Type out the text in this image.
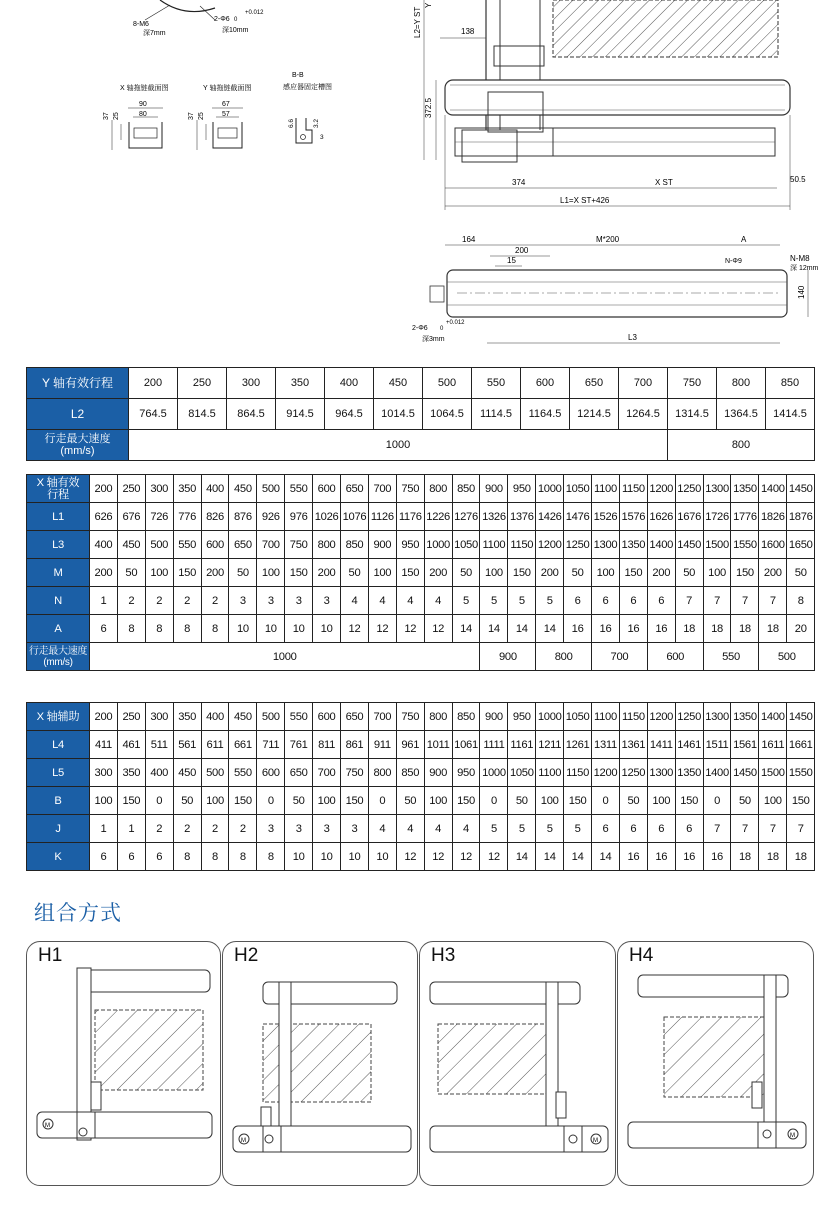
8-M6
深7mm
2-Φ6
+0.012
0
深10mm
X 轴拖链截面图
90
80
37 25
Y 轴拖链截面图
67
57
37 25
B-B
感应器固定槽图
6.6	3.2
3
L2=Y ST
Y
138
372.5
374	X ST	50.5
L1=X ST+426
164	M*200	A
200
15	N-Φ9	N-M8
深 12mm
140
2-Φ6
+0.012
0
深3mm	L3
Y 轴有效行程	200	250	300	350	400	450	500	550	600	650	700	750	800	850
L2	764.5	814.5	864.5	914.5	964.5	1014.5	1064.5	1114.5	1164.5	1214.5	1264.5	1314.5	1364.5	1414.5
行走最大速度
(mm/s)	1000											800		
X 轴有效
行程	200	250	300	350	400	450	500	550	600	650	700	750	800	850	900	950	1000	1050	1100	1150	1200	1250	1300	1350	1400	1450
L1	626	676	726	776	826	876	926	976	1026	1076	1126	1176	1226	1276	1326	1376	1426	1476	1526	1576	1626	1676	1726	1776	1826	1876
L3	400	450	500	550	600	650	700	750	800	850	900	950	1000	1050	1100	1150	1200	1250	1300	1350	1400	1450	1500	1550	1600	1650
M	200	50	100	150	200	50	100	150	200	50	100	150	200	50	100	150	200	50	100	150	200	50	100	150	200	50
N	1	2	2	2	2	3	3	3	3	4	4	4	4	5	5	5	5	6	6	6	6	7	7	7	7	8
A	6	8	8	8	8	10	10	10	10	12	12	12	12	14	14	14	14	16	16	16	16	18	18	18	18	20
行走最大速度
(mm/s)	1000														900		800		700		600		550		500	
X 轴辅助	200	250	300	350	400	450	500	550	600	650	700	750	800	850	900	950	1000	1050	1100	1150	1200	1250	1300	1350	1400	1450
L4	411	461	511	561	611	661	711	761	811	861	911	961	1011	1061	1111	1161	1211	1261	1311	1361	1411	1461	1511	1561	1611	1661
L5	300	350	400	450	500	550	600	650	700	750	800	850	900	950	1000	1050	1100	1150	1200	1250	1300	1350	1400	1450	1500	1550
B	100	150	0	50	100	150	0	50	100	150	0	50	100	150	0	50	100	150	0	50	100	150	0	50	100	150
J	1	1	2	2	2	2	3	3	3	3	4	4	4	4	5	5	5	5	6	6	6	6	7	7	7	7
K	6	6	6	8	8	8	8	10	10	10	10	12	12	12	12	14	14	14	14	16	16	16	16	18	18	18
组合方式
H1
M
H2
M
H3
M
H4
M
